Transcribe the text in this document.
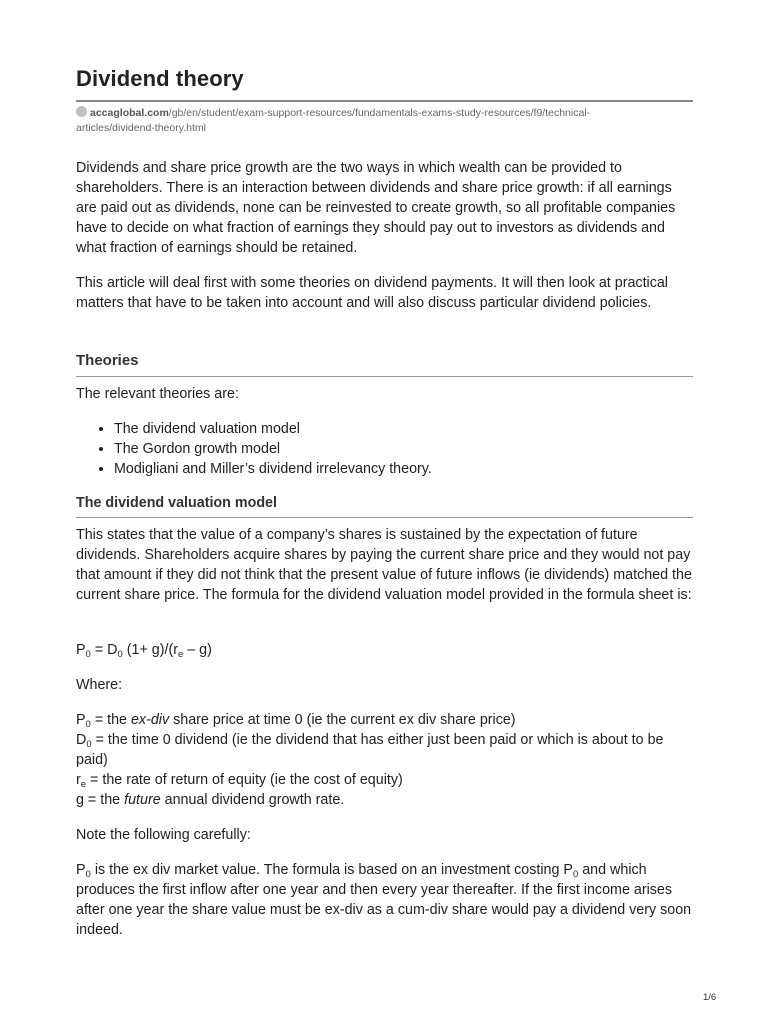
Dividend theory
accaglobal.com/gb/en/student/exam-support-resources/fundamentals-exams-study-resources/f9/technical-
articles/dividend-theory.html

Dividends and share price growth are the two ways in which wealth can be provided to shareholders. There is an interaction between dividends and share price growth: if all earnings are paid out as dividends, none can be reinvested to create growth, so all profitable companies have to decide on what fraction of earnings they should pay out to investors as dividends and what fraction of earnings should be retained.

This article will deal first with some theories on dividend payments. It will then look at practical matters that have to be taken into account and will also discuss particular dividend policies.

Theories

The relevant theories are:

• The dividend valuation model
• The Gordon growth model
• Modigliani and Miller’s dividend irrelevancy theory.
The dividend valuation model

This states that the value of a company’s shares is sustained by the expectation of future dividends. Shareholders acquire shares by paying the current share price and they would not pay that amount if they did not think that the present value of future inflows (ie dividends) matched the current share price. The formula for the dividend valuation model provided in the formula sheet is:

$P_0 = D_0$ $(1+ g)/(r_e - g)$

Where:

$P_0$ = the ex-div share price at time 0 (ie the current ex div share price)
$D_0$ = the time 0 dividend (ie the dividend that has either just been paid or which is about to be paid)
$r_e$ = the rate of return of equity (ie the cost of equity)
g = the future annual dividend growth rate.

Note the following carefully:

$P_0$ is the ex div market value. The formula is based on an investment costing $P_0$ and which produces the first inflow after one year and then every year thereafter. If the first income arises after one year the share value must be ex-div as a cum-div share would pay a dividend very soon indeed.

1/6
